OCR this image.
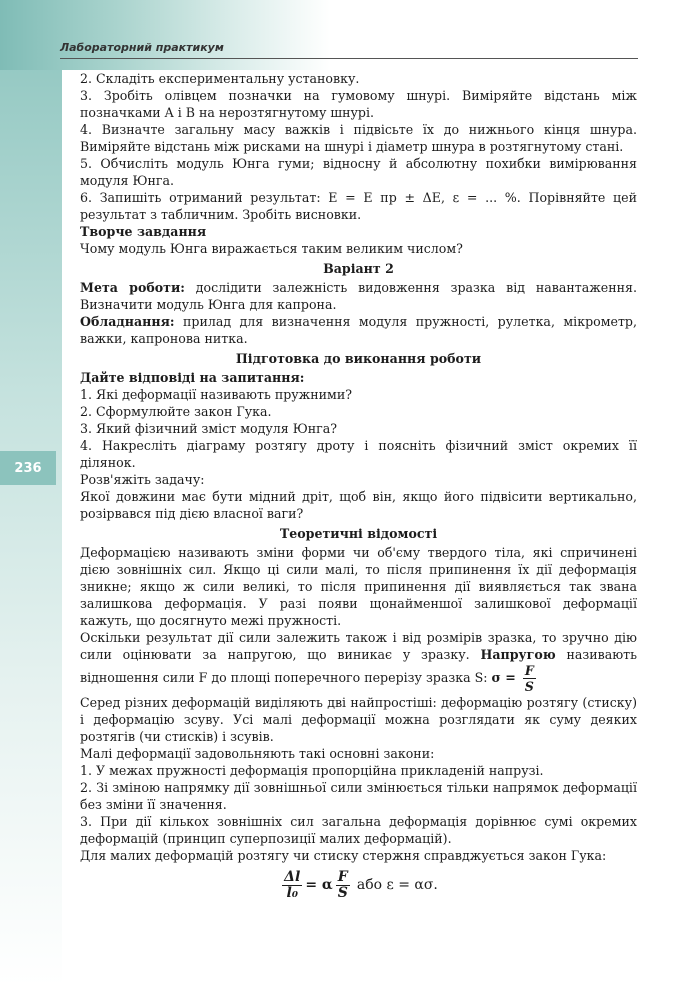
236
Лабораторний практикум

2. Складіть експериментальну установку.

3. Зробіть олівцем позначки на гумовому шнурі. Виміряйте відстань між позначками A і B на нерозтягнутому шнурі.

4. Визначте загальну масу важків і підвісьте їх до нижнього кінця шнура. Виміряйте відстань між рисками на шнурі і діаметр шнура в розтягнутому стані.

5. Обчисліть модуль Юнга гуми; відносну й абсолютну похибки вимірювання модуля Юнга.

6. Запишіть отриманий результат: E = E пр ± ΔE, ε = ... %. Порівняйте цей результат з табличним. Зробіть висновки.

Творче завдання

Чому модуль Юнга виражається таким великим числом?

Варіант 2

Мета роботи: дослідити залежність видовження зразка від навантаження. Визначити модуль Юнга для капрона.

Обладнання: прилад для визначення модуля пружності, рулетка, мікрометр, важки, капронова нитка.

Підготовка до виконання роботи

Дайте відповіді на запитання:

1. Які деформації називають пружними?

2. Сформулюйте закон Гука.

3. Який фізичний зміст модуля Юнга?

4. Накресліть діаграму розтягу дроту і поясніть фізичний зміст окремих її ділянок.

Розв'яжіть задачу:

Якої довжини має бути мідний дріт, щоб він, якщо його підвісити вертикально, розірвався під дією власної ваги?

Теоретичні відомості

Деформацією називають зміни форми чи об'єму твердого тіла, які спричинені дією зовнішніх сил. Якщо ці сили малі, то після припинення їх дії деформація зникне; якщо ж сили великі, то після припинення дії виявляється так звана залишкова деформація. У разі появи щонайменшої залишкової деформації кажуть, що досягнуто межі пружності.

Оскільки результат дії сили залежить також і від розмірів зразка, то зручно дію сили оцінювати за напругою, що виникає у зразку. Напругою називають відношення сили F до площі поперечного перерізу зразка S: $\sigma = \frac{F}{S}$

Серед різних деформацій виділяють дві найпростіші: деформацію розтягу (стиску) і деформацію зсуву. Усі малі деформації можна розглядати як суму деяких розтягів (чи стисків) і зсувів.

Малі деформації задовольняють такі основні закони:

1. У межах пружності деформація пропорційна прикладеній напрузі.

2. Зі зміною напрямку дії зовнішньої сили змінюється тільки напрямок деформації без зміни її значення.

3. При дії кількох зовнішніх сил загальна деформація дорівнює сумі окремих деформацій (принцип суперпозиції малих деформацій).

Для малих деформацій розтягу чи стиску стержня справджується закон Гука:

$\frac{\Delta l}{\text{l₀}} = \alpha \frac{F}{S}$ або ε = ασ.
